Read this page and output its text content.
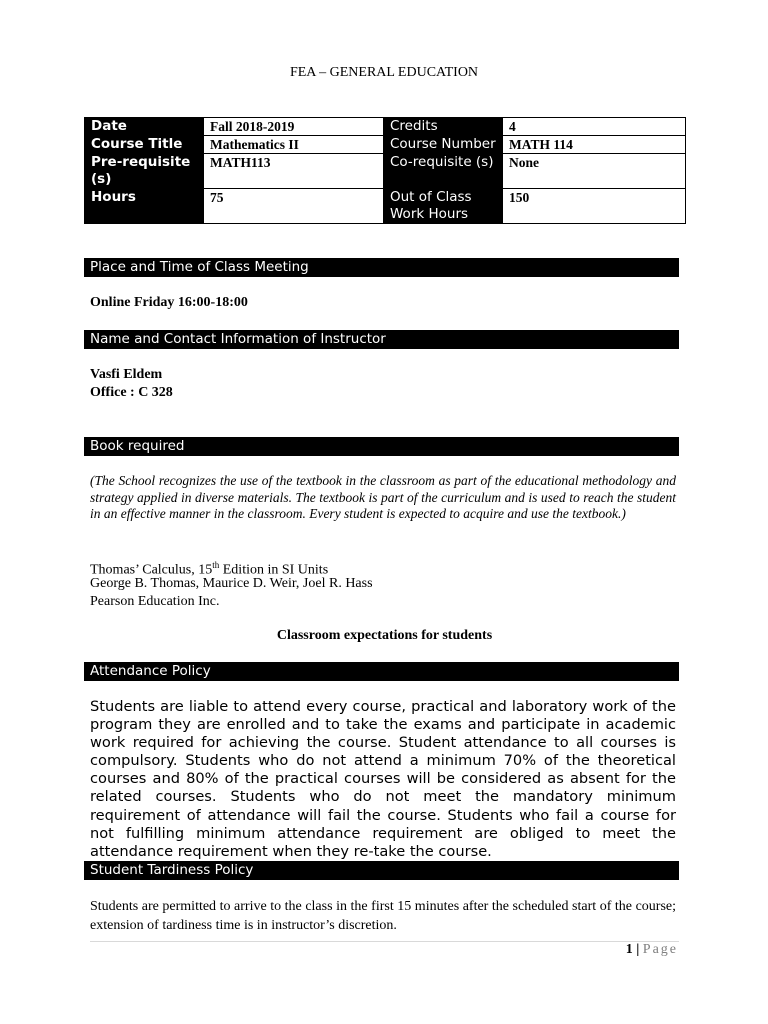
FEA – GENERAL EDUCATION
Date	Fall 2018-2019	Credits	4
Course Title	Mathematics II	Course Number	MATH 114
Pre-requisite (s)	MATH113	Co-requisite (s)	None
Hours	75	Out of Class Work Hours	150
Place and Time of Class Meeting
Online Friday 16:00-18:00
Name and Contact Information of Instructor
Vasfi Eldem
Office : C 328
Book required
(The School recognizes the use of the textbook in the classroom as part of the educational methodology and strategy applied in diverse materials. The textbook is part of the curriculum and is used to reach the student in an effective manner in the classroom. Every student is expected to acquire and use the textbook.)
Thomas’ Calculus, 15th Edition in SI Units
George B. Thomas, Maurice D. Weir, Joel R. Hass
Pearson Education Inc.
Classroom expectations for students
Attendance Policy
Students are liable to attend every course, practical and laboratory work of the program they are enrolled and to take the exams and participate in academic work required for achieving the course. Student attendance to all courses is compulsory. Students who do not attend a minimum 70% of the theoretical courses and 80% of the practical courses will be considered as absent for the related courses. Students who do not meet the mandatory minimum requirement of attendance will fail the course. Students who fail a course for not fulfilling minimum attendance requirement are obliged to meet the attendance requirement when they re-take the course.
Student Tardiness Policy
Students are permitted to arrive to the class in the first 15 minutes after the scheduled start of the course; extension of tardiness time is in instructor’s discretion.
1 | Page
